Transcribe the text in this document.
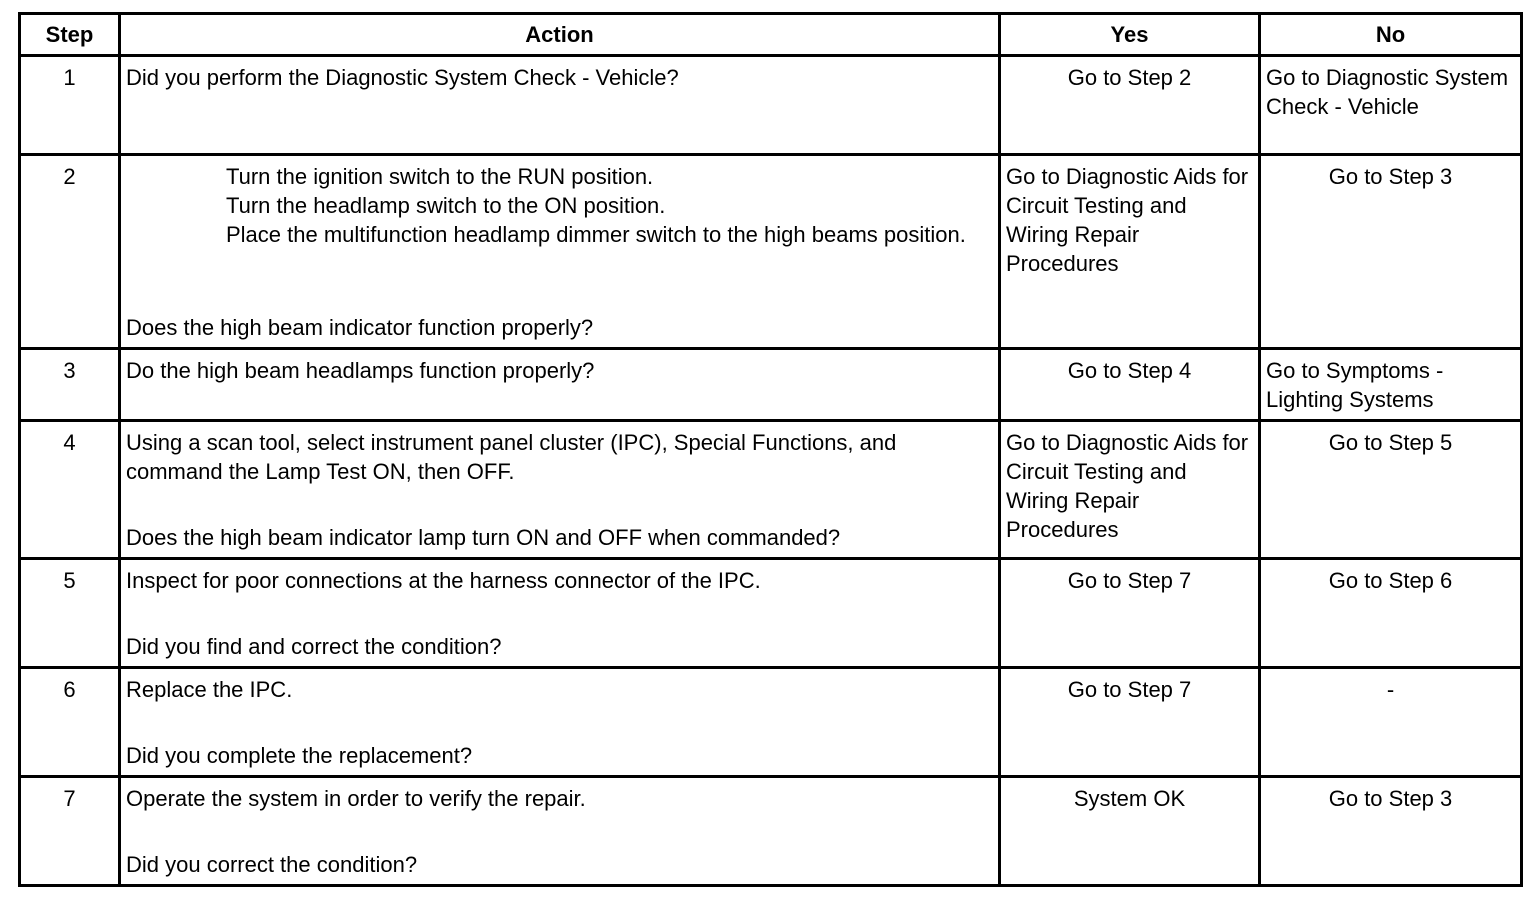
Step	Action	Yes	No
1	Did you perform the Diagnostic System Check - Vehicle?	Go to Step 2	Go to Diagnostic System Check - Vehicle
2	Turn the ignition switch to the RUN position.
Turn the headlamp switch to the ON position.
Place the multifunction headlamp dimmer switch to the high beams position.
Does the high beam indicator function properly?	Go to Diagnostic Aids for Circuit Testing and Wiring Repair Procedures	Go to Step 3
3	Do the high beam headlamps function properly?	Go to Step 4	Go to Symptoms - Lighting Systems
4	Using a scan tool, select instrument panel cluster (IPC), Special Functions, and command the Lamp Test ON, then OFF.
Does the high beam indicator lamp turn ON and OFF when commanded?	Go to Diagnostic Aids for Circuit Testing and Wiring Repair Procedures	Go to Step 5
5	Inspect for poor connections at the harness connector of the IPC.
Did you find and correct the condition?	Go to Step 7	Go to Step 6
6	Replace the IPC.
Did you complete the replacement?	Go to Step 7	-
7	Operate the system in order to verify the repair.
Did you correct the condition?	System OK	Go to Step 3
